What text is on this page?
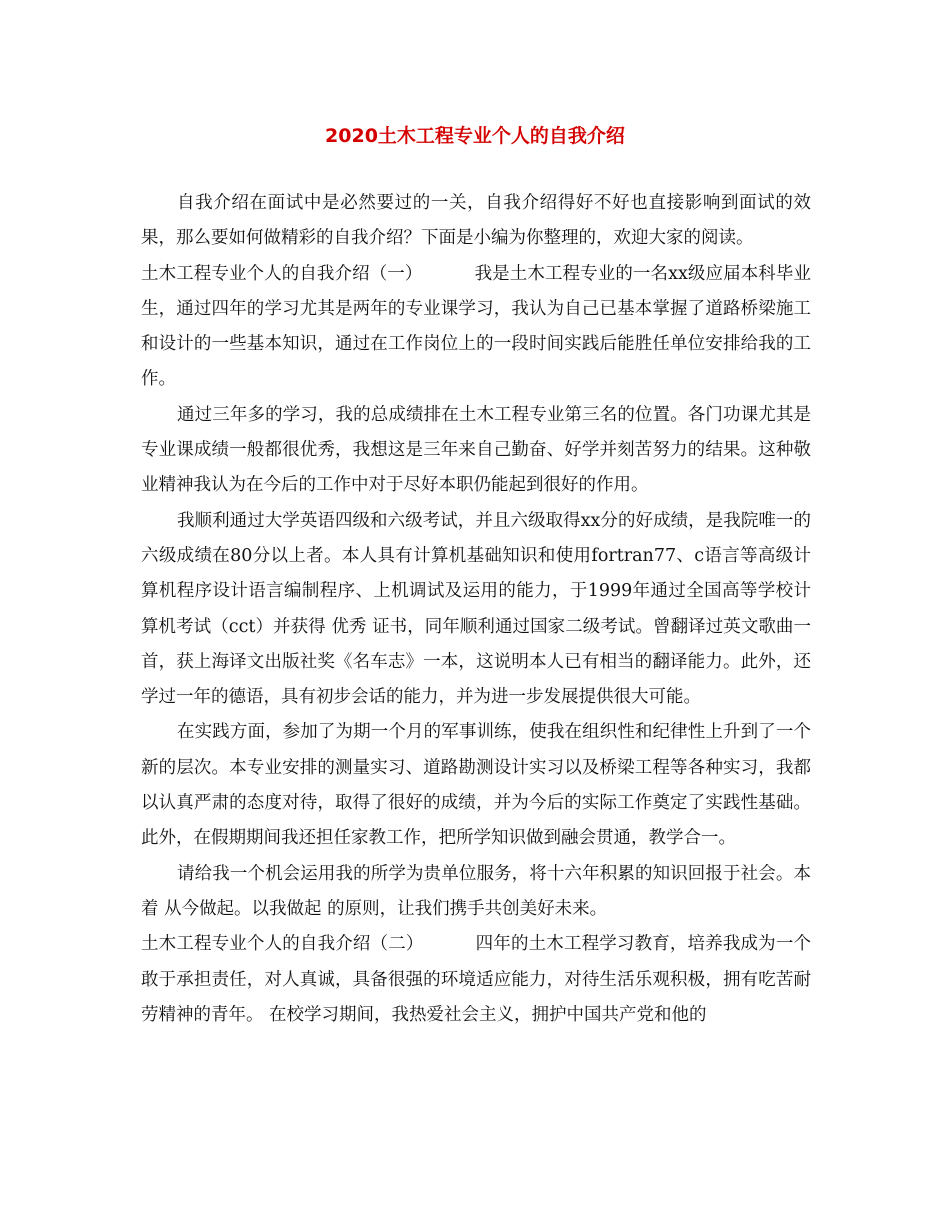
2020土木工程专业个人的自我介绍

自我介绍在面试中是必然要过的一关，自我介绍得好不好也直接影响到面试的效果，那么要如何做精彩的自我介绍？下面是小编为你整理的，欢迎大家的阅读。

土木工程专业个人的自我介绍（一）	我是土木工程专业的一名xx级应届本科毕业生，通过四年的学习尤其是两年的专业课学习，我认为自己已基本掌握了道路桥梁施工和设计的一些基本知识，通过在工作岗位上的一段时间实践后能胜任单位安排给我的工作。

通过三年多的学习，我的总成绩排在土木工程专业第三名的位置。各门功课尤其是专业课成绩一般都很优秀，我想这是三年来自己勤奋、好学并刻苦努力的结果。这种敬业精神我认为在今后的工作中对于尽好本职仍能起到很好的作用。

我顺利通过大学英语四级和六级考试，并且六级取得xx分的好成绩，是我院唯一的六级成绩在80分以上者。本人具有计算机基础知识和使用fortran77、c语言等高级计算机程序设计语言编制程序、上机调试及运用的能力，于1999年通过全国高等学校计算机考试（cct）并获得 优秀 证书，同年顺利通过国家二级考试。曾翻译过英文歌曲一首，获上海译文出版社奖《名车志》一本，这说明本人已有相当的翻译能力。此外，还学过一年的德语，具有初步会话的能力，并为进一步发展提供很大可能。

在实践方面，参加了为期一个月的军事训练，使我在组织性和纪律性上升到了一个新的层次。本专业安排的测量实习、道路勘测设计实习以及桥梁工程等各种实习，我都以认真严肃的态度对待，取得了很好的成绩，并为今后的实际工作奠定了实践性基础。此外，在假期期间我还担任家教工作，把所学知识做到融会贯通，教学合一。

请给我一个机会运用我的所学为贵单位服务，将十六年积累的知识回报于社会。本着 从今做起。以我做起 的原则，让我们携手共创美好未来。

土木工程专业个人的自我介绍（二）	四年的土木工程学习教育，培养我成为一个敢于承担责任，对人真诚，具备很强的环境适应能力，对待生活乐观积极，拥有吃苦耐劳精神的青年。 在校学习期间，我热爱社会主义，拥护中国共产党和他的
